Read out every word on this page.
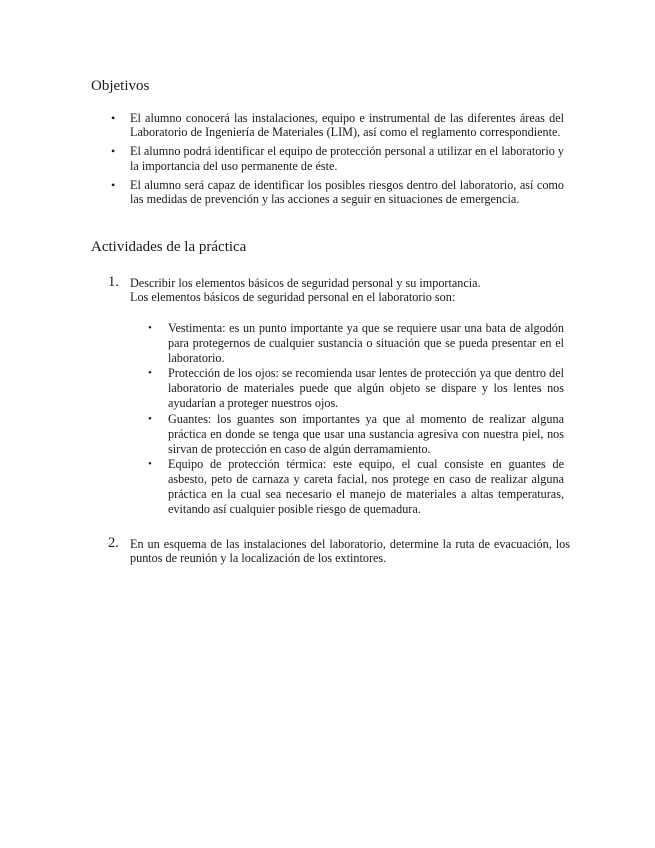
Objetivos
• El alumno conocerá las instalaciones, equipo e instrumental de las diferentes áreas del Laboratorio de Ingeniería de Materiales (LIM), así como el reglamento correspondiente.
• El alumno podrá identificar el equipo de protección personal a utilizar en el laboratorio y la importancia del uso permanente de éste.
• El alumno será capaz de identificar los posibles riesgos dentro del laboratorio, así como las medidas de prevención y las acciones a seguir en situaciones de emergencia.
Actividades de la práctica
1. Describir los elementos básicos de seguridad personal y su importancia.

Los elementos básicos de seguridad personal en el laboratorio son:

• Vestimenta: es un punto importante ya que se requiere usar una bata de algodón para protegernos de cualquier sustancia o situación que se pueda presentar en el laboratorio.
• Protección de los ojos: se recomienda usar lentes de protección ya que dentro del laboratorio de materiales puede que algún objeto se dispare y los lentes nos ayudarían a proteger nuestros ojos.
• Guantes: los guantes son importantes ya que al momento de realizar alguna práctica en donde se tenga que usar una sustancia agresiva con nuestra piel, nos sirvan de protección en caso de algún derramamiento.
• Equipo de protección térmica: este equipo, el cual consiste en guantes de asbesto, peto de carnaza y careta facial, nos protege en caso de realizar alguna práctica en la cual sea necesario el manejo de materiales a altas temperaturas, evitando así cualquier posible riesgo de quemadura.
2. En un esquema de las instalaciones del laboratorio, determine la ruta de evacuación, los puntos de reunión y la localización de los extintores.
